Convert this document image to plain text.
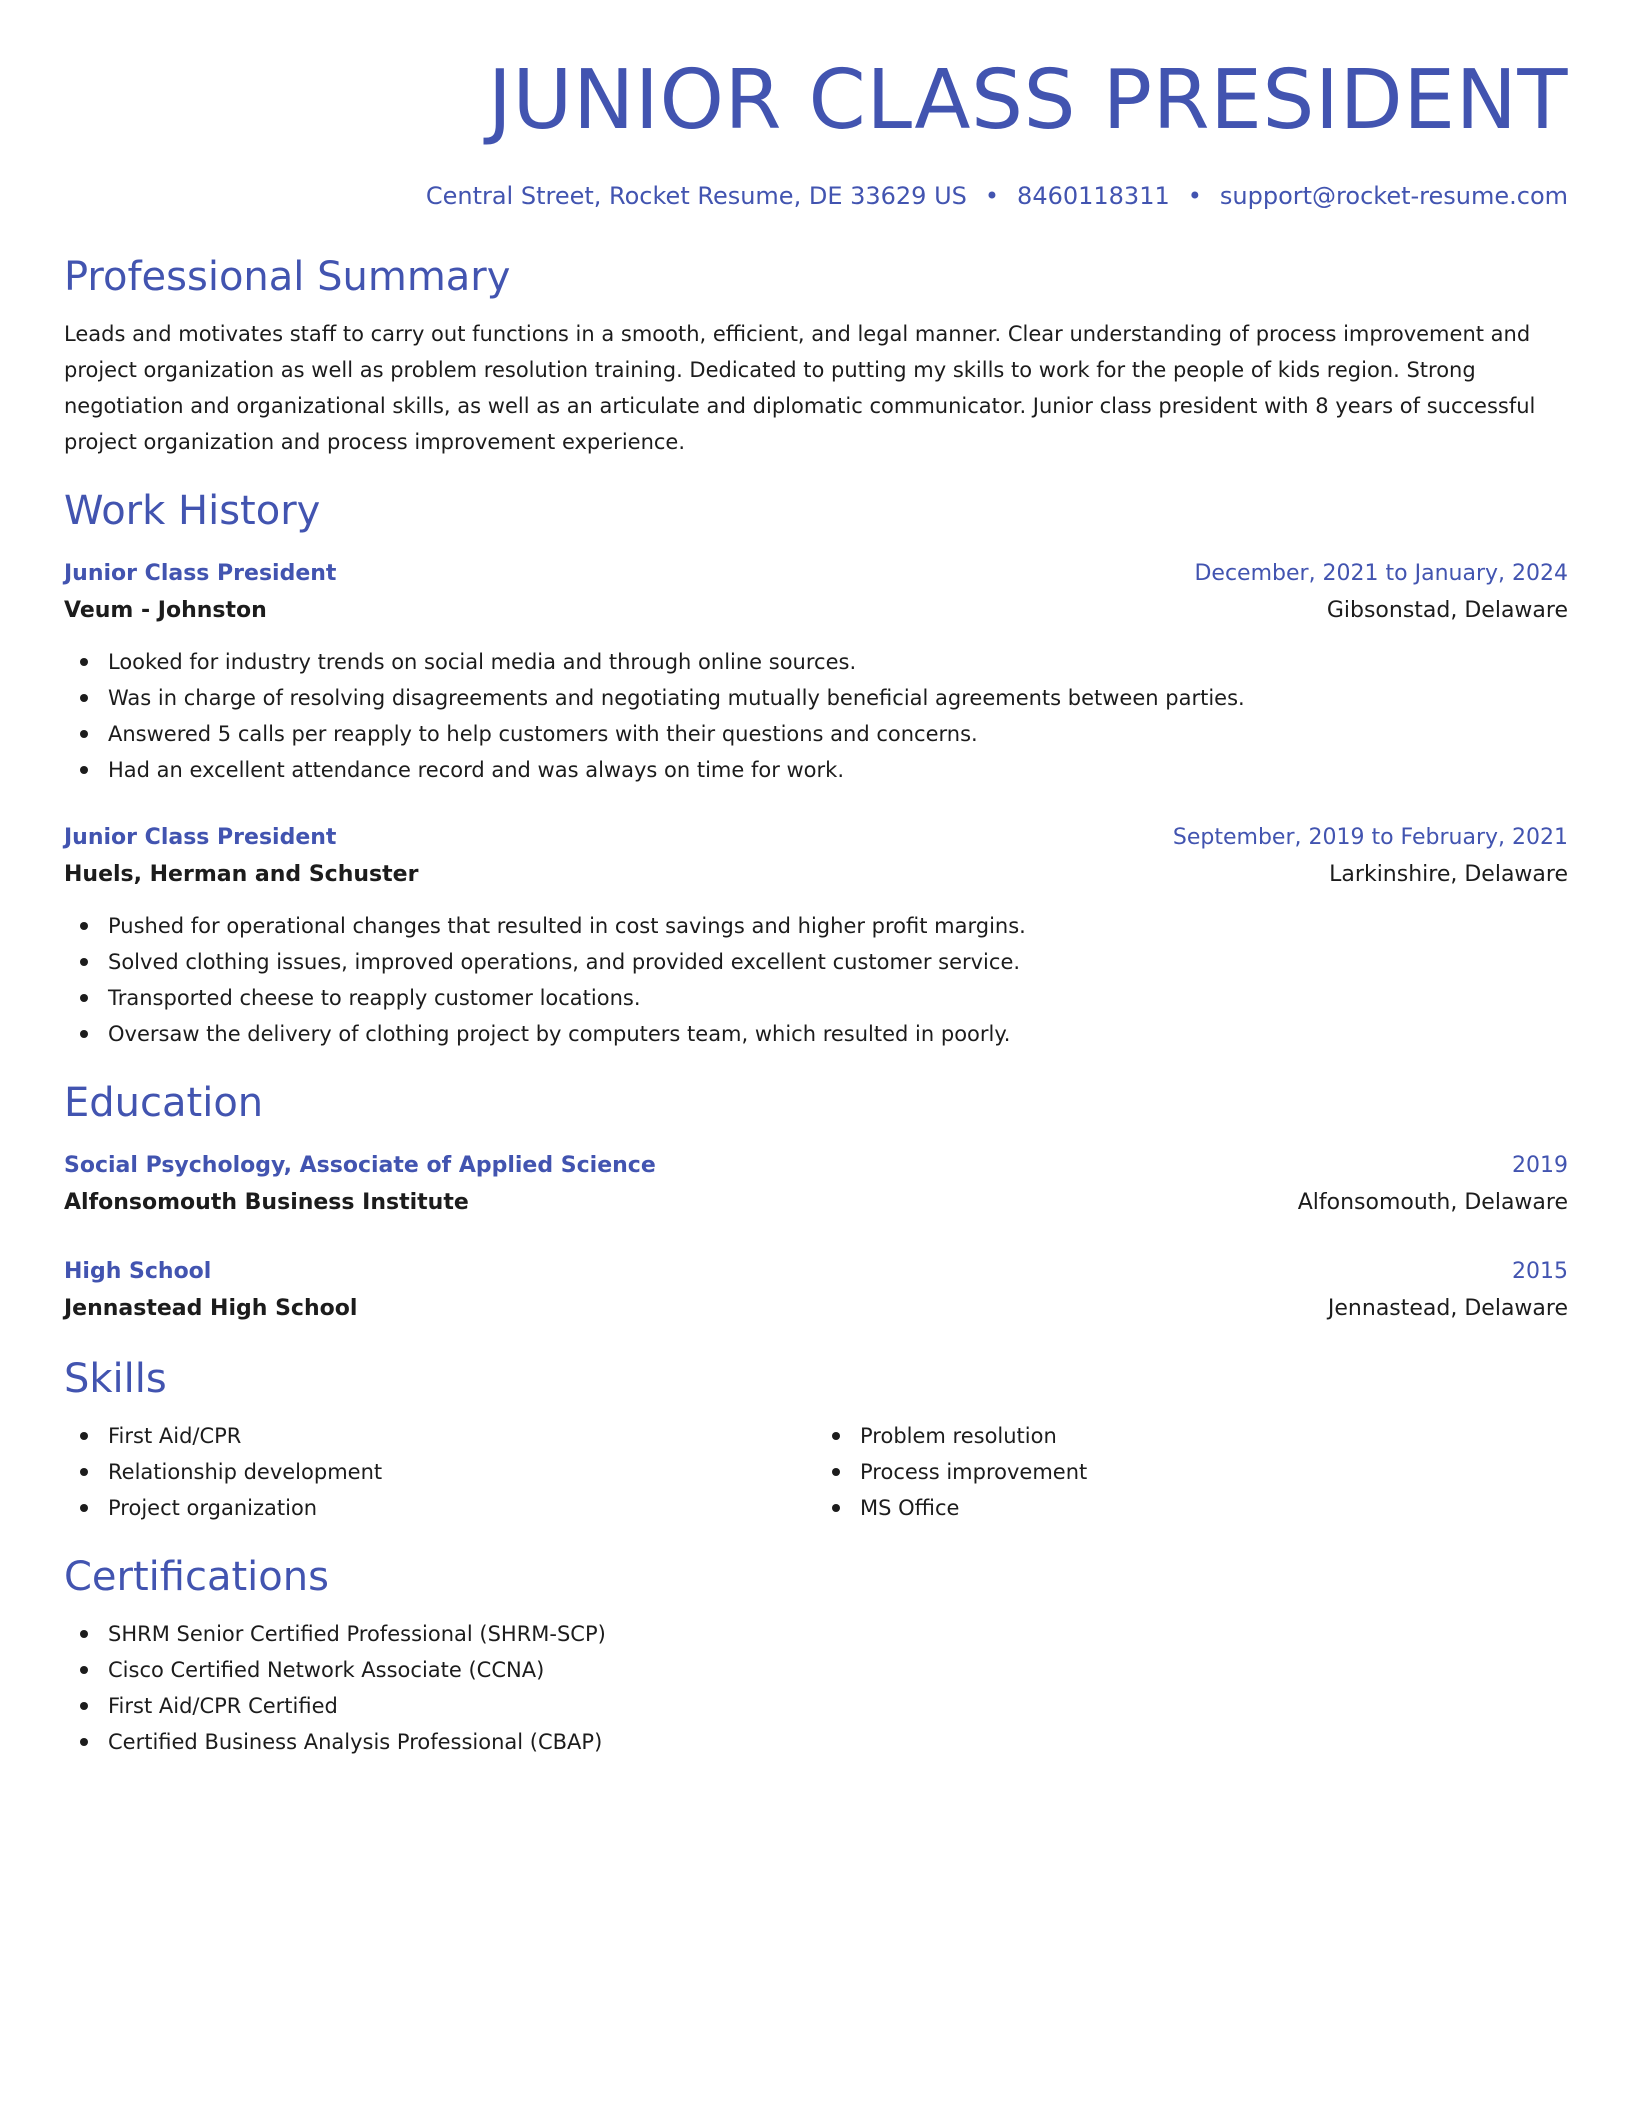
JUNIOR CLASS PRESIDENT
Central Street, Rocket Resume, DE 33629 US • 8460118311 • support@rocket-resume.com
Professional Summary
Leads and motivates staff to carry out functions in a smooth, efficient, and legal manner. Clear understanding of process improvement and project organization as well as problem resolution training. Dedicated to putting my skills to work for the people of kids region. Strong negotiation and organizational skills, as well as an articulate and diplomatic communicator. Junior class president with 8 years of successful project organization and process improvement experience.
Work History
Junior Class President	December, 2021 to January, 2024
Veum - Johnston	Gibsonstad, Delaware
Looked for industry trends on social media and through online sources.
Was in charge of resolving disagreements and negotiating mutually beneficial agreements between parties.
Answered 5 calls per reapply to help customers with their questions and concerns.
Had an excellent attendance record and was always on time for work.
Junior Class President	September, 2019 to February, 2021
Huels, Herman and Schuster	Larkinshire, Delaware
Pushed for operational changes that resulted in cost savings and higher profit margins.
Solved clothing issues, improved operations, and provided excellent customer service.
Transported cheese to reapply customer locations.
Oversaw the delivery of clothing project by computers team, which resulted in poorly.
Education
Social Psychology, Associate of Applied Science	2019
Alfonsomouth Business Institute	Alfonsomouth, Delaware
High School	2015
Jennastead High School	Jennastead, Delaware
Skills
First Aid/CPR
Relationship development
Project organization
Problem resolution
Process improvement
MS Office
Certifications
SHRM Senior Certified Professional (SHRM-SCP)
Cisco Certified Network Associate (CCNA)
First Aid/CPR Certified
Certified Business Analysis Professional (CBAP)
